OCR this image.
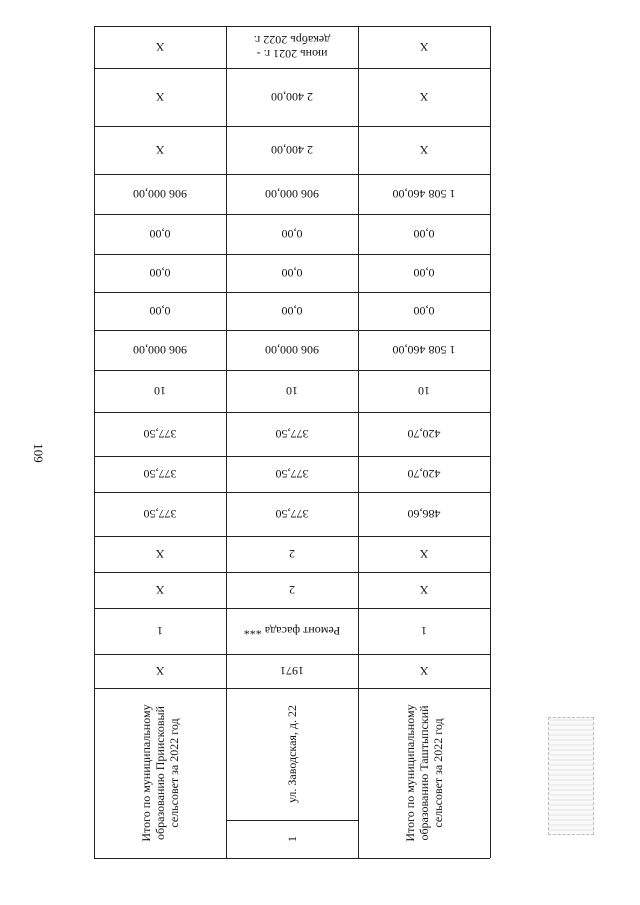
109
Итого по муниципальному
образованию Таштыпский
сельсовет за 2022 год
X
1
X
X
486,60
420,70
420,70
10
1 508 460,00
0,00
0,00
0,00
1 508 460,00
X
X
X
ул. Заводская, д. 22
1971
Ремонт фасада ***
2
2
377,50
377,50
377,50
10
906 000,00
0,00
0,00
0,00
906 000,00
2 400,00
2 400,00
июнь 2021 г. -
декабрь 2022 г.
1
Итого по муниципальному
образованию Приисковый
сельсовет за 2022 год
X
1
X
X
377,50
377,50
377,50
10
906 000,00
0,00
0,00
0,00
906 000,00
X
X
X
